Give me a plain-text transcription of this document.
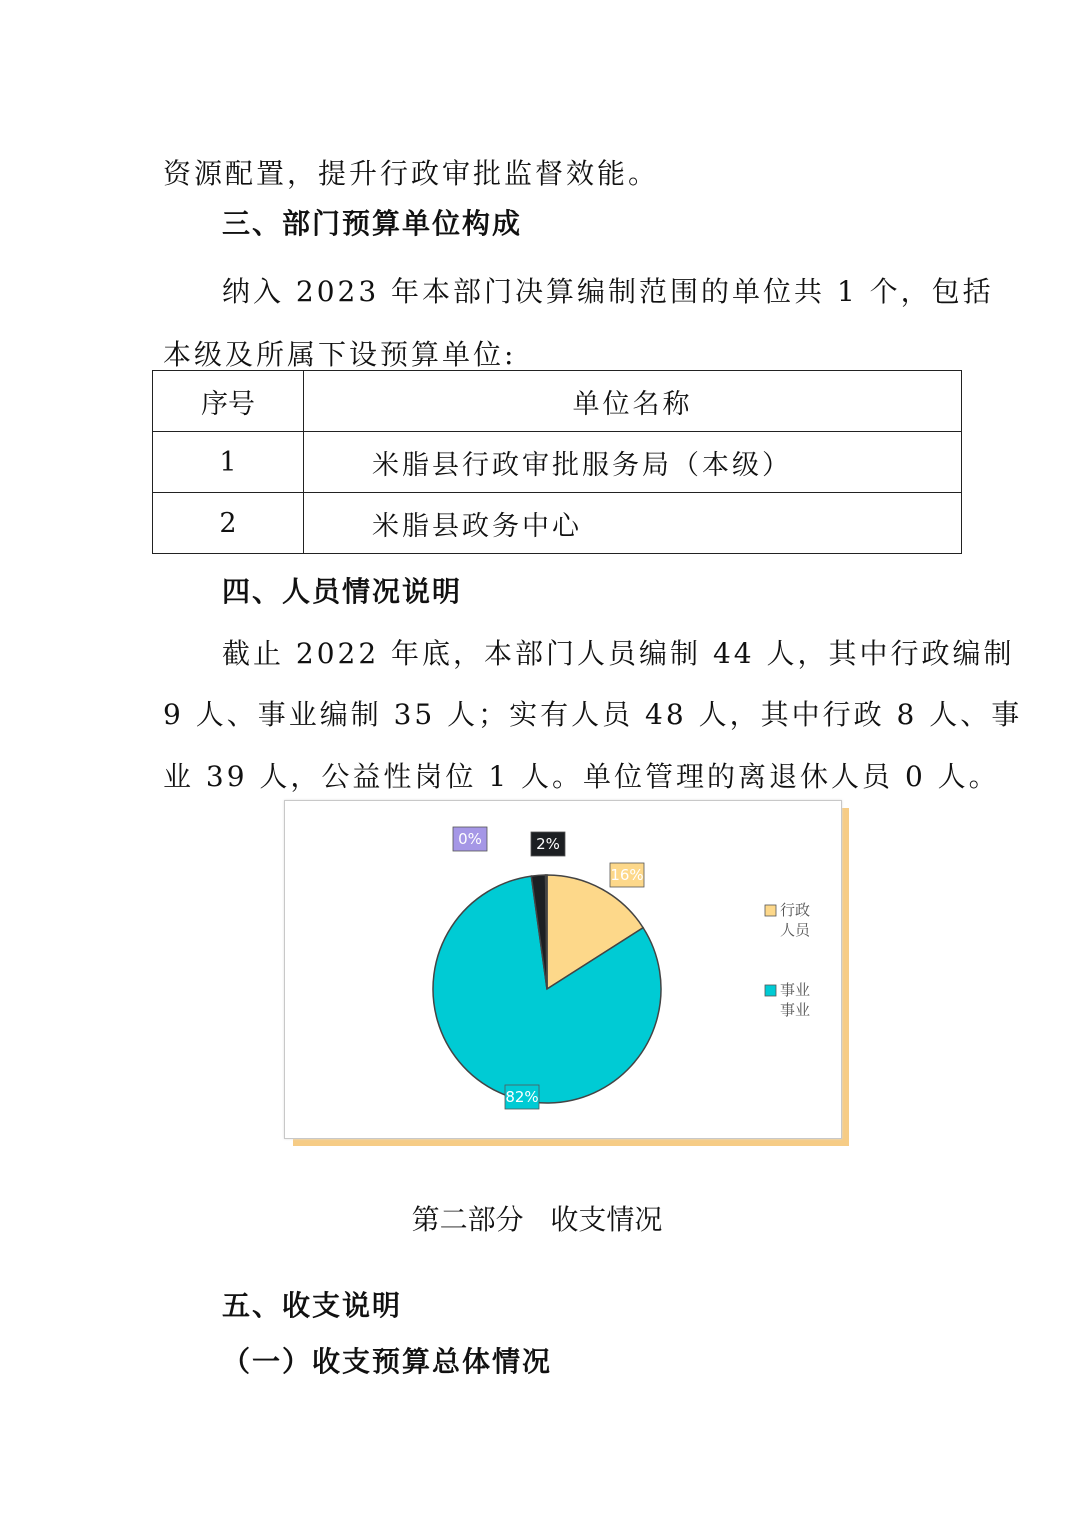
资源配置，提升行政审批监督效能。
三、部门预算单位构成
纳入 2023 年本部门决算编制范围的单位共 1 个，包括
本级及所属下设预算单位:
序号	单位名称
1	米脂县行政审批服务局（本级）
2	米脂县政务中心
四、人员情况说明
截止 2022 年底，本部门人员编制 44 人，其中行政编制
9 人、事业编制 35 人；实有人员 48 人，其中行政 8 人、事
业 39 人，公益性岗位 1 人。单位管理的离退休人员 0 人。
16%
82%
2%
0%
行政
人员
事业
事业
第二部分   收支情况
五、收支说明
（一）收支预算总体情况
